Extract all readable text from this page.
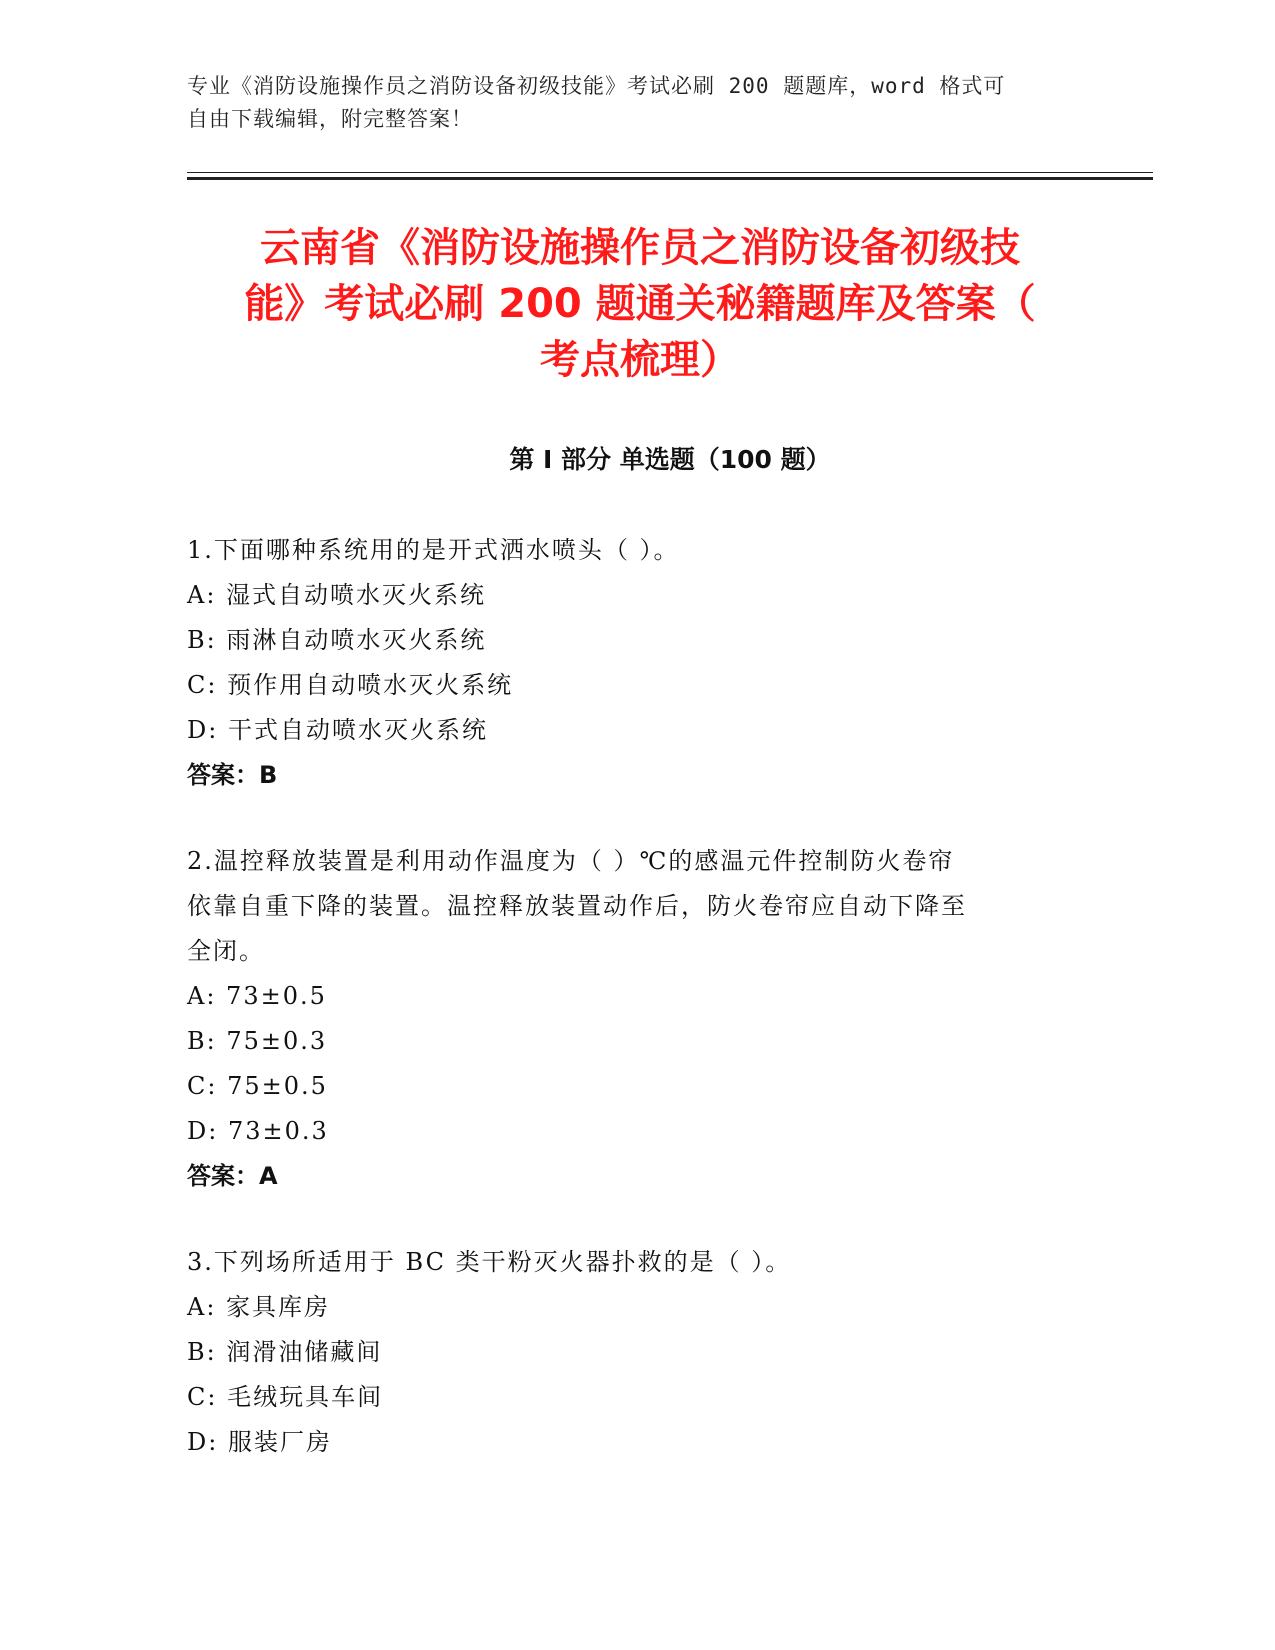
专业《消防设施操作员之消防设备初级技能》考试必刷 200 题题库，word 格式可
自由下载编辑，附完整答案！
云南省《消防设施操作员之消防设备初级技
能》考试必刷 200 题通关秘籍题库及答案（
考点梳理）
第 I 部分 单选题（100 题）
1.下面哪种系统用的是开式洒水喷头（ ）。
A: 湿式自动喷水灭火系统
B: 雨淋自动喷水灭火系统
C: 预作用自动喷水灭火系统
D: 干式自动喷水灭火系统
答案：B
2.温控释放装置是利用动作温度为（ ）℃的感温元件控制防火卷帘
依靠自重下降的装置。温控释放装置动作后，防火卷帘应自动下降至
全闭。
A: 73±0.5
B: 75±0.3
C: 75±0.5
D: 73±0.3
答案：A
3.下列场所适用于 BC 类干粉灭火器扑救的是（ ）。
A: 家具库房
B: 润滑油储藏间
C: 毛绒玩具车间
D: 服装厂房
